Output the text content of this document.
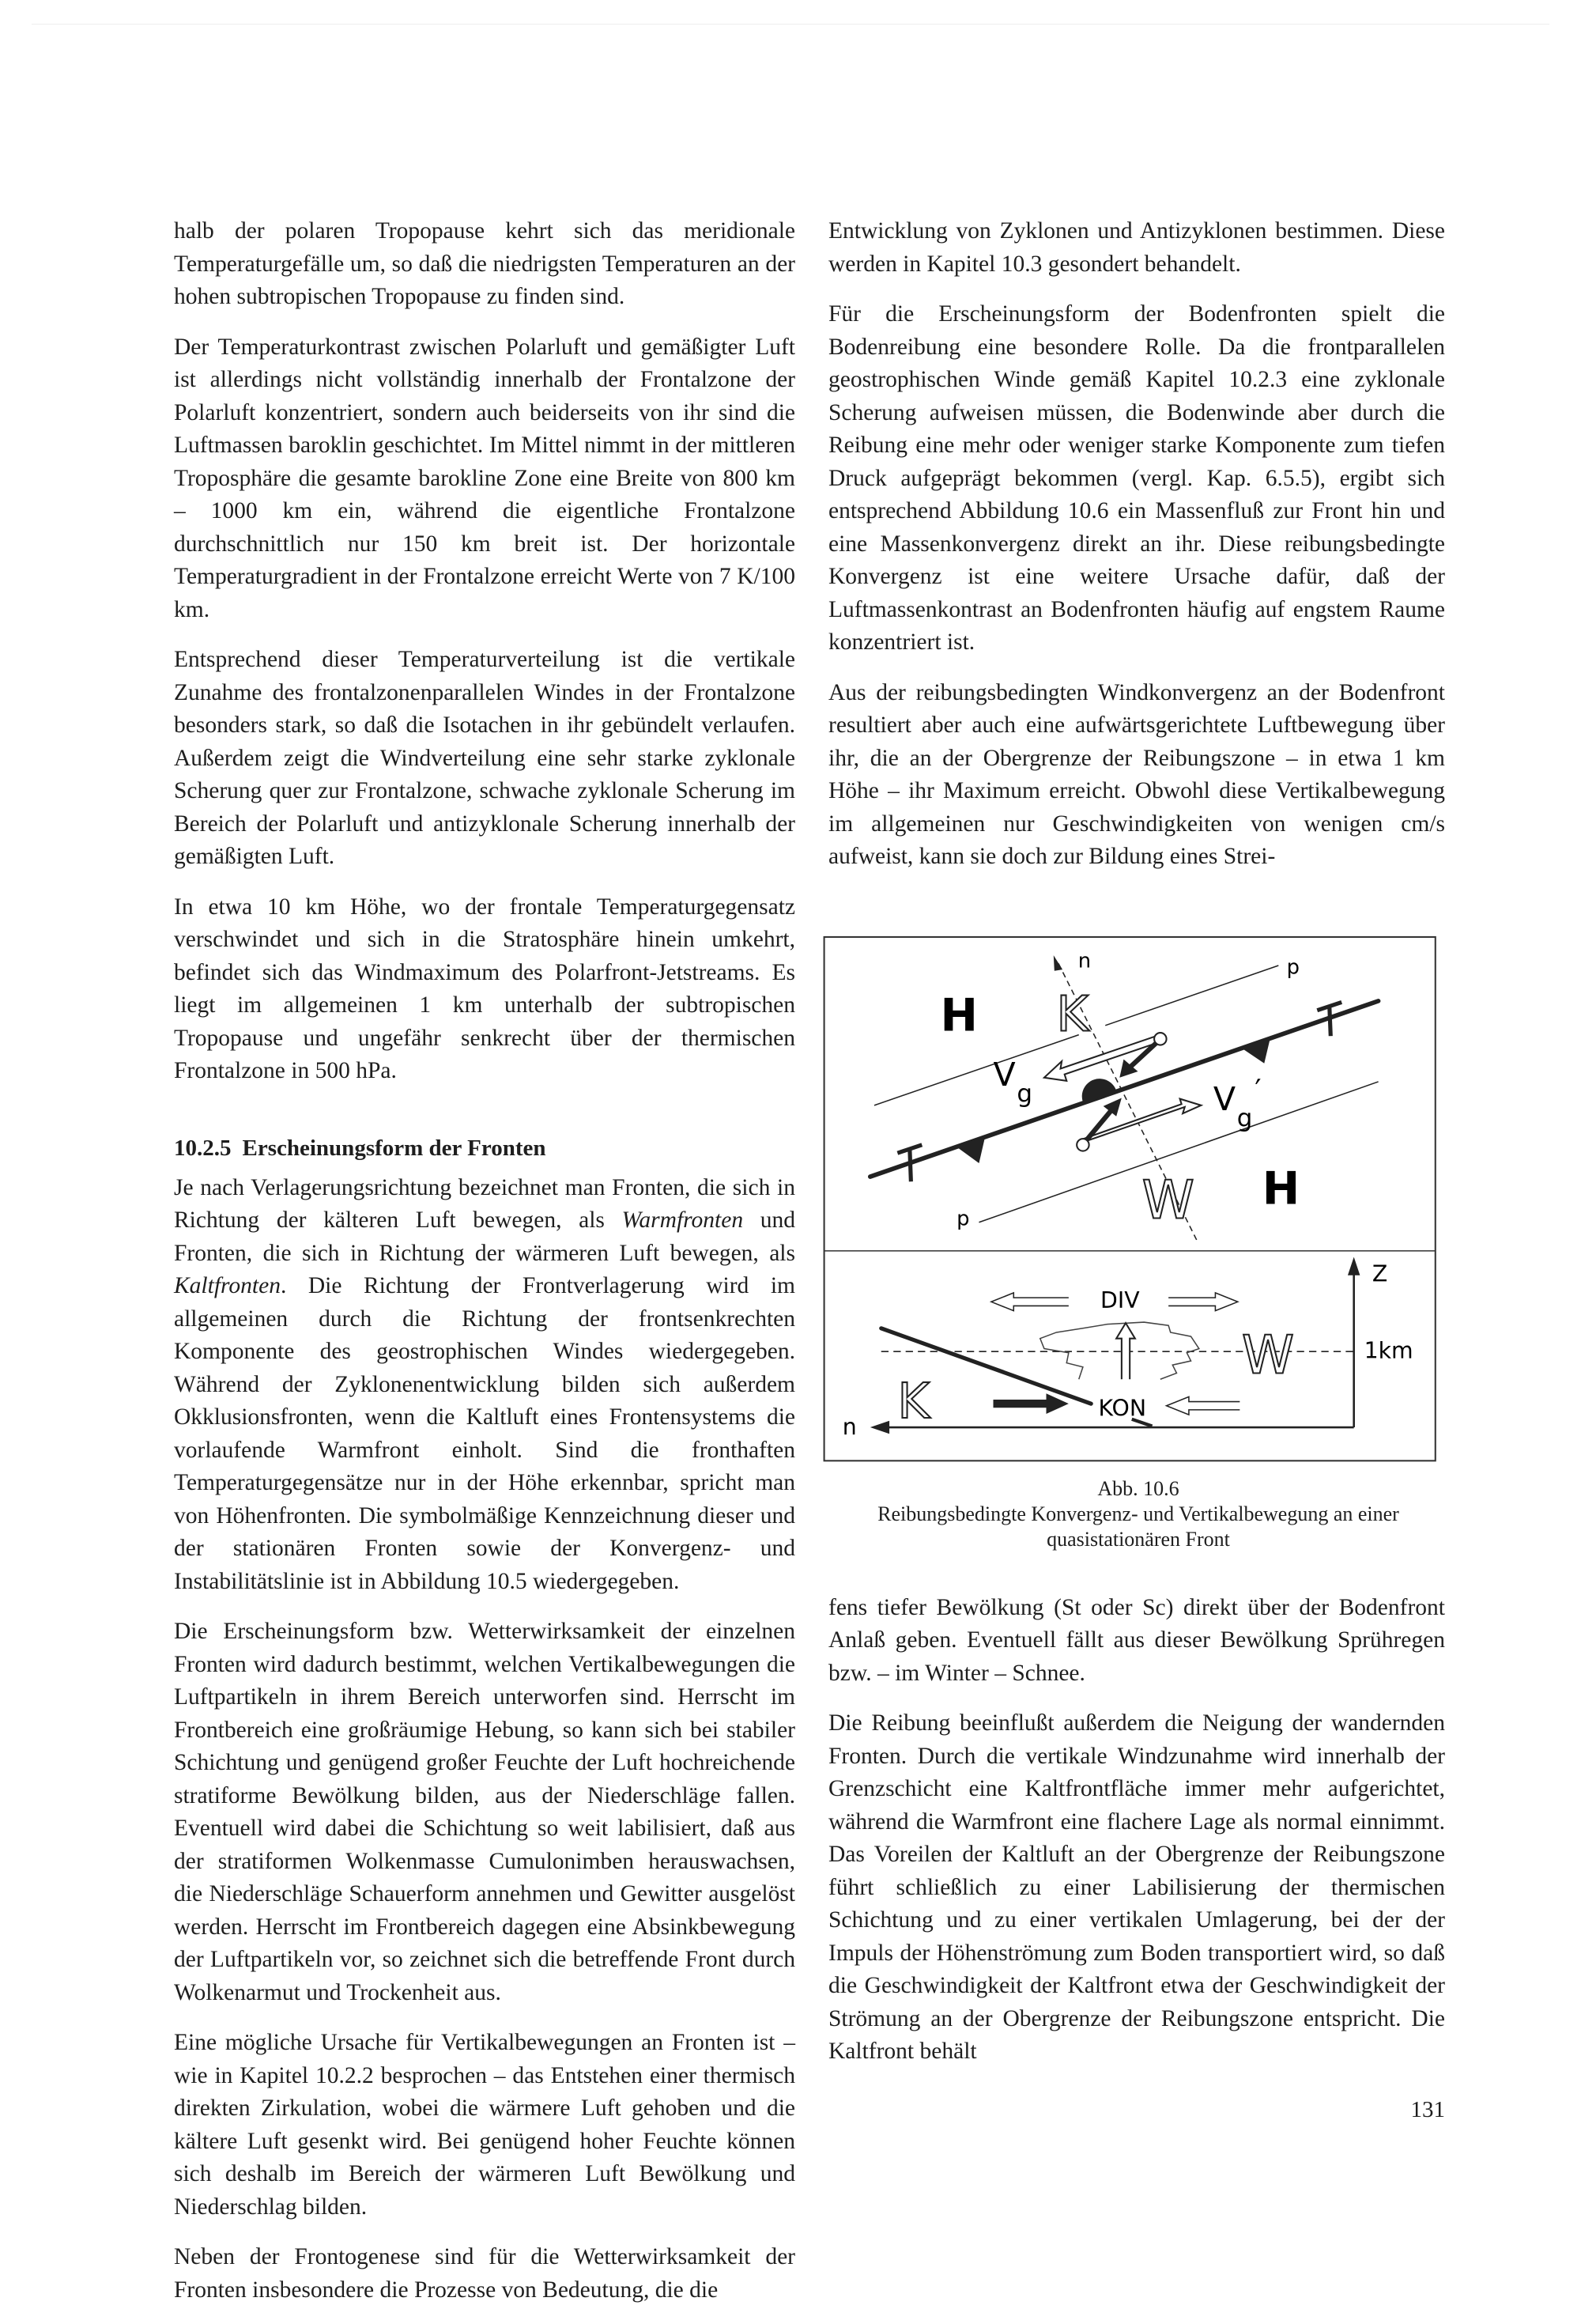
halb der polaren Tropopause kehrt sich das meridionale Temperaturgefälle um, so daß die niedrigsten Temperaturen an der hohen subtropischen Tropopause zu finden sind.

Der Temperaturkontrast zwischen Polarluft und gemäßigter Luft ist allerdings nicht vollständig innerhalb der Frontalzone der Polarluft konzentriert, sondern auch beiderseits von ihr sind die Luftmassen baroklin geschichtet. Im Mittel nimmt in der mittleren Troposphäre die gesamte barokline Zone eine Breite von 800 km – 1000 km ein, während die eigentliche Frontalzone durchschnittlich nur 150 km breit ist. Der horizontale Temperaturgradient in der Frontalzone erreicht Werte von 7 K/100 km.

Entsprechend dieser Temperaturverteilung ist die vertikale Zunahme des frontalzonenparallelen Windes in der Frontalzone besonders stark, so daß die Isotachen in ihr gebündelt verlaufen. Außerdem zeigt die Windverteilung eine sehr starke zyklonale Scherung quer zur Frontalzone, schwache zyklonale Scherung im Bereich der Polarluft und antizyklonale Scherung innerhalb der gemäßigten Luft.

In etwa 10 km Höhe, wo der frontale Temperaturgegensatz verschwindet und sich in die Stratosphäre hinein umkehrt, befindet sich das Windmaximum des Polarfront-Jetstreams. Es liegt im allgemeinen 1 km unterhalb der subtropischen Tropopause und ungefähr senkrecht über der thermischen Frontalzone in 500 hPa.

10.2.5 Erscheinungsform der Fronten

Je nach Verlagerungsrichtung bezeichnet man Fronten, die sich in Richtung der kälteren Luft bewegen, als Warmfronten und Fronten, die sich in Richtung der wärmeren Luft bewegen, als Kaltfronten. Die Richtung der Frontverlagerung wird im allgemeinen durch die Richtung der frontsenkrechten Komponente des geostrophischen Windes wiedergegeben. Während der Zyklonenentwicklung bilden sich außerdem Okklusionsfronten, wenn die Kaltluft eines Frontensystems die vorlaufende Warmfront einholt. Sind die fronthaften Temperaturgegensätze nur in der Höhe erkennbar, spricht man von Höhenfronten. Die symbolmäßige Kennzeichnung dieser und der stationären Fronten sowie der Konvergenz- und Instabilitätslinie ist in Abbildung 10.5 wiedergegeben.

Die Erscheinungsform bzw. Wetterwirksamkeit der einzelnen Fronten wird dadurch bestimmt, welchen Vertikalbewegungen die Luftpartikeln in ihrem Bereich unterworfen sind. Herrscht im Frontbereich eine großräumige Hebung, so kann sich bei stabiler Schichtung und genügend großer Feuchte der Luft hochreichende stratiforme Bewölkung bilden, aus der Niederschläge fallen. Eventuell wird dabei die Schichtung so weit labilisiert, daß aus der stratiformen Wolkenmasse Cumulonimben herauswachsen, die Niederschläge Schauerform annehmen und Gewitter ausgelöst werden. Herrscht im Frontbereich dagegen eine Absinkbewegung der Luftpartikeln vor, so zeichnet sich die betreffende Front durch Wolkenarmut und Trockenheit aus.

Eine mögliche Ursache für Vertikalbewegungen an Fronten ist – wie in Kapitel 10.2.2 besprochen – das Entstehen einer thermisch direkten Zirkulation, wobei die wärmere Luft gehoben und die kältere Luft gesenkt wird. Bei genügend hoher Feuchte können sich deshalb im Bereich der wärmeren Luft Bewölkung und Niederschlag bilden.

Neben der Frontogenese sind für die Wetterwirksamkeit der Fronten insbesondere die Prozesse von Bedeutung, die die

Entwicklung von Zyklonen und Antizyklonen bestimmen. Diese werden in Kapitel 10.3 gesondert behandelt.

Für die Erscheinungsform der Bodenfronten spielt die Bodenreibung eine besondere Rolle. Da die frontparallelen geostrophischen Winde gemäß Kapitel 10.2.3 eine zyklonale Scherung aufweisen müssen, die Bodenwinde aber durch die Reibung eine mehr oder weniger starke Komponente zum tiefen Druck aufgeprägt bekommen (vergl. Kap. 6.5.5), ergibt sich entsprechend Abbildung 10.6 ein Massenfluß zur Front hin und eine Massenkonvergenz direkt an ihr. Diese reibungsbedingte Konvergenz ist eine weitere Ursache dafür, daß der Luftmassenkontrast an Bodenfronten häufig auf engstem Raume konzentriert ist.

Aus der reibungsbedingten Windkonvergenz an der Bodenfront resultiert aber auch eine aufwärtsgerichtete Luftbewegung über ihr, die an der Obergrenze der Reibungszone – in etwa 1 km Höhe – ihr Maximum erreicht. Obwohl diese Vertikalbewegung im allgemeinen nur Geschwindigkeiten von wenigen cm/s aufweist, kann sie doch zur Bildung eines Strei-

n	p
p
H
H
K
W
V
g	V
g
′
Z
n
1km
DIV
W
K	KON
Abb. 10.6
Reibungsbedingte Konvergenz- und Vertikalbewegung an einer quasistationären Front

fens tiefer Bewölkung (St oder Sc) direkt über der Bodenfront Anlaß geben. Eventuell fällt aus dieser Bewölkung Sprühregen bzw. – im Winter – Schnee.

Die Reibung beeinflußt außerdem die Neigung der wandernden Fronten. Durch die vertikale Windzunahme wird innerhalb der Grenzschicht eine Kaltfrontfläche immer mehr aufgerichtet, während die Warmfront eine flachere Lage als normal einnimmt. Das Voreilen der Kaltluft an der Obergrenze der Reibungszone führt schließlich zu einer Labilisierung der thermischen Schichtung und zu einer vertikalen Umlagerung, bei der der Impuls der Höhenströmung zum Boden transportiert wird, so daß die Geschwindigkeit der Kaltfront etwa der Geschwindigkeit der Strömung an der Obergrenze der Reibungszone entspricht. Die Kaltfront behält

131
